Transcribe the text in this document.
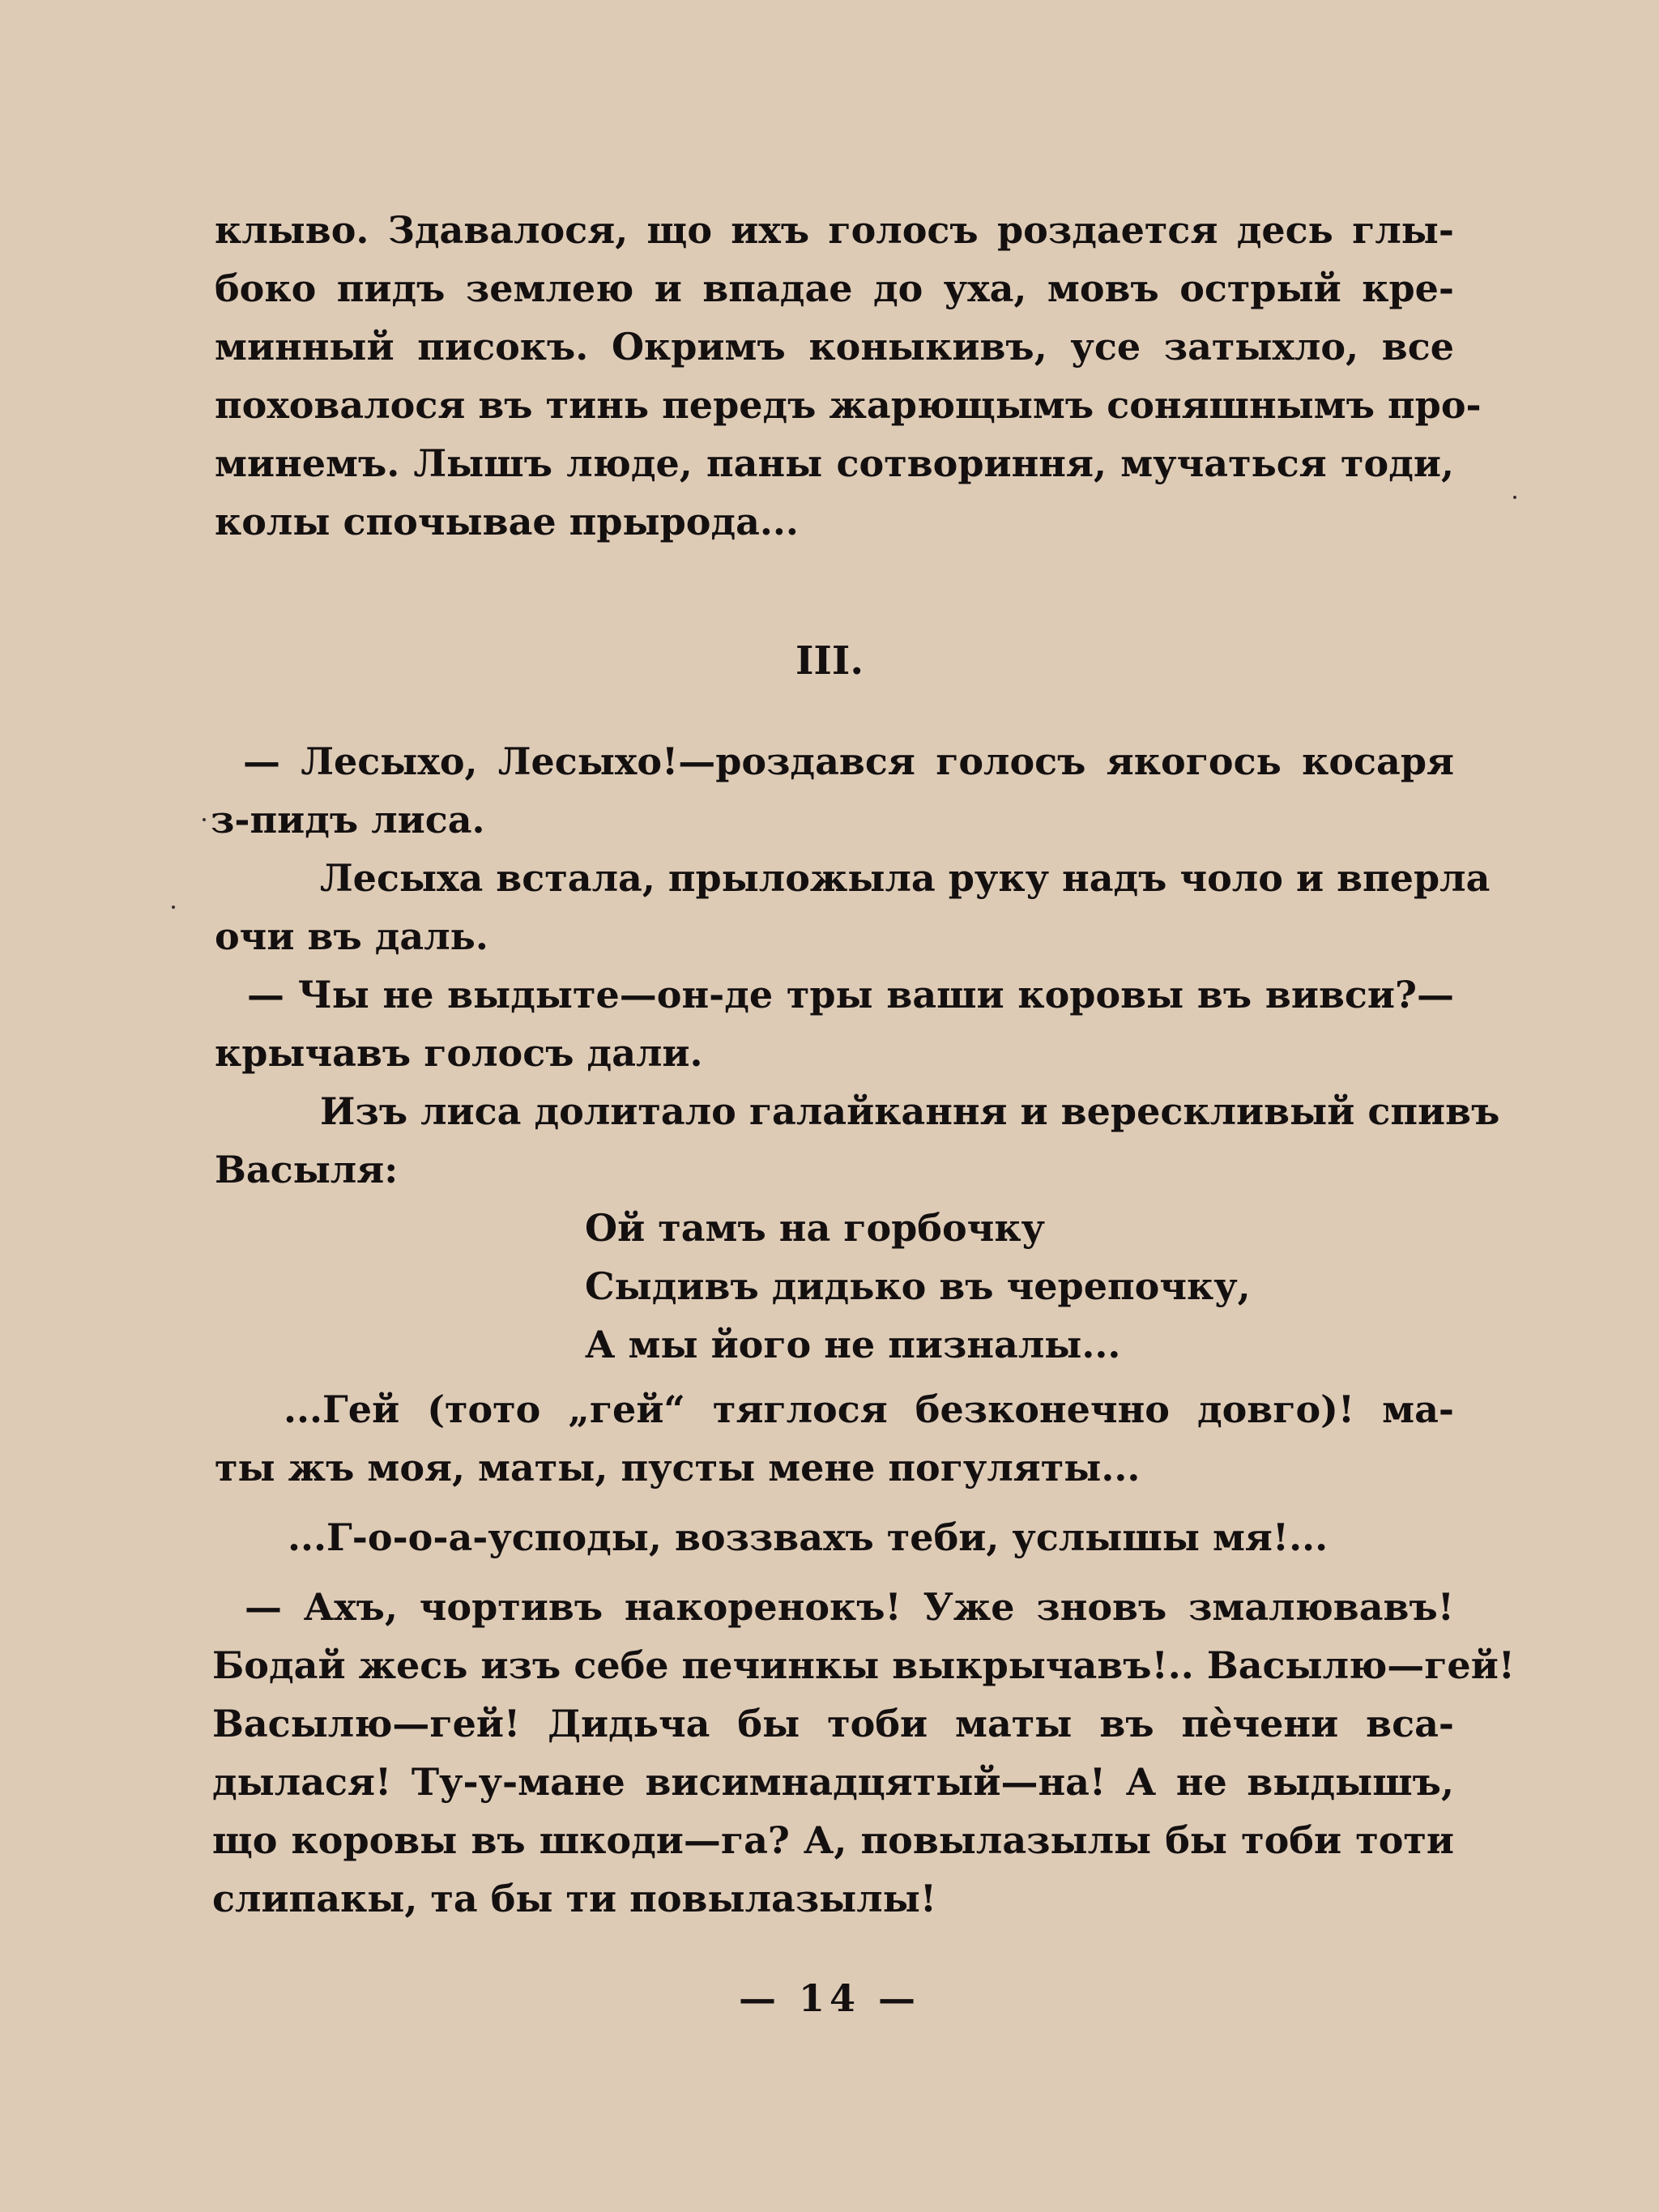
клыво. Здавалося, що ихъ голосъ роздается десь глы-
боко пидъ землею и впадае до уха, мовъ острый кре-
минный писокъ. Окримъ коныкивъ, усе затыхло, все
поховалося въ тинь передъ жарющымъ соняшнымъ про-
минемъ. Лышъ люде, паны сотвориння, мучаться тоди,
колы спочывае прырода...
III.
— Лесыхо, Лесыхо!—роздався голосъ якогось косаря
з-пидъ лиса.
Лесыха встала, прыложыла руку надъ чоло и вперла
очи въ даль.
— Чы не выдыте—он-де тры ваши коровы въ вивси?—
крычавъ голосъ дали.
Изъ лиса долитало галайкання и верескливый спивъ
Васыля:
Ой тамъ на горбочку
Сыдивъ дидько въ черепочку,
А мы його не пизналы...
...Гей (тото „гей“ тяглося безконечно довго)! ма-
ты жъ моя, маты, пусты мене погуляты...
...Г-о-о-а-усподы, воззвахъ теби, услышы мя!...
— Ахъ, чортивъ накоренокъ! Уже зновъ змалювавъ!
Бодай жесь изъ себе печинкы выкрычавъ!.. Васылю—гей!
Васылю—гей! Дидьча бы тоби маты въ пѐчени вса-
дылася! Ту-у-мане висимнадцятый—на! А не выдышъ,
що коровы въ шкоди—га? А, повылазылы бы тоби тоти
слипакы, та бы ти повылазылы!
— 14 —
